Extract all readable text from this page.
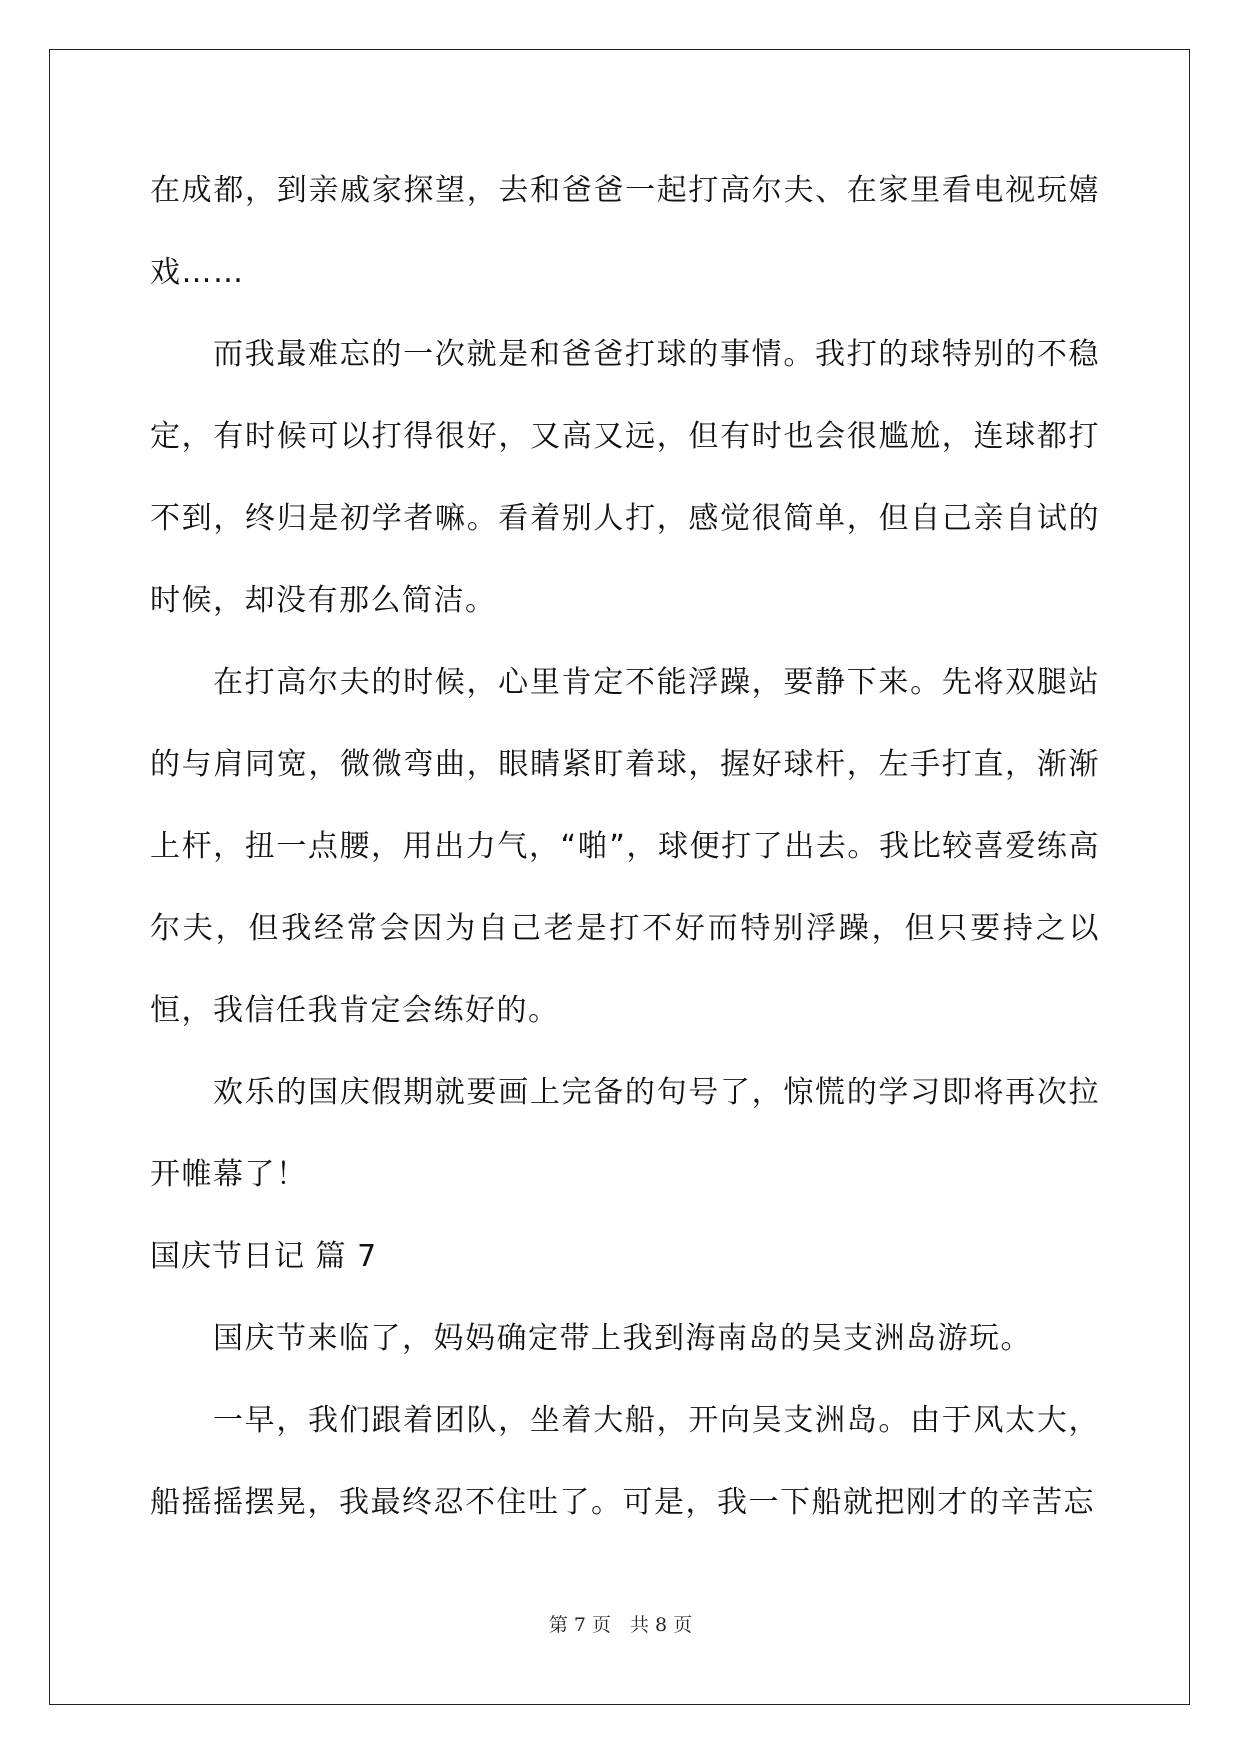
在成都，到亲戚家探望，去和爸爸一起打高尔夫、在家里看电视玩嬉戏……

而我最难忘的一次就是和爸爸打球的事情。我打的球特别的不稳定，有时候可以打得很好，又高又远，但有时也会很尴尬，连球都打不到，终归是初学者嘛。看着别人打，感觉很简单，但自己亲自试的时候，却没有那么简洁。

在打高尔夫的时候，心里肯定不能浮躁，要静下来。先将双腿站的与肩同宽，微微弯曲，眼睛紧盯着球，握好球杆，左手打直，渐渐上杆，扭一点腰，用出力气，“啪”，球便打了出去。我比较喜爱练高尔夫，但我经常会因为自己老是打不好而特别浮躁，但只要持之以恒，我信任我肯定会练好的。

欢乐的国庆假期就要画上完备的句号了，惊慌的学习即将再次拉开帷幕了！

国庆节日记 篇 7

国庆节来临了，妈妈确定带上我到海南岛的吴支洲岛游玩。

一早，我们跟着团队，坐着大船，开向吴支洲岛。由于风太大，船摇摇摆晃，我最终忍不住吐了。可是，我一下船就把刚才的辛苦忘

第 7 页　共 8 页
